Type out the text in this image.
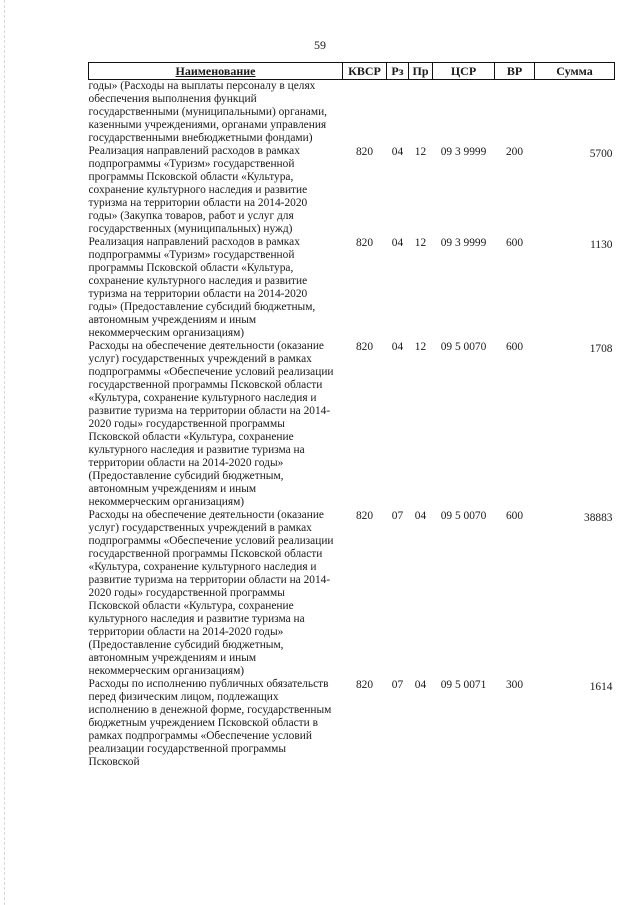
59
Наименование	КВСР	Рз	Пр	ЦСР	ВР	Сумма
годы» (Расходы на выплаты персоналу в целях обеспечения выполнения функций государственными (муниципальными) органами, казенными учреждениями, органами управления государственными внебюджетными фондами)						
Реализация направлений расходов в рамках подпрограммы «Туризм» государственной программы Псковской области «Культура, сохранение культурного наследия и развитие туризма на территории области на 2014-2020 годы» (Закупка товаров, работ и услуг для государственных (муниципальных) нужд)	820	04	12	09 3 9999	200	5700
Реализация направлений расходов в рамках подпрограммы «Туризм» государственной программы Псковской области «Культура, сохранение культурного наследия и развитие туризма на территории области на 2014-2020 годы» (Предоставление субсидий бюджетным, автономным учреждениям и иным некоммерческим организациям)	820	04	12	09 3 9999	600	1130
Расходы на обеспечение деятельности (оказание услуг) государственных учреждений в рамках подпрограммы «Обеспечение условий реализации государственной программы Псковской области «Культура, сохранение культурного наследия и развитие туризма на территории области на 2014-2020 годы» государственной программы Псковской области «Культура, сохранение культурного наследия и развитие туризма на территории области на 2014-2020 годы» (Предоставление субсидий бюджетным, автономным учреждениям и иным некоммерческим организациям)	820	04	12	09 5 0070	600	1708
Расходы на обеспечение деятельности (оказание услуг) государственных учреждений в рамках подпрограммы «Обеспечение условий реализации государственной программы Псковской области «Культура, сохранение культурного наследия и развитие туризма на территории области на 2014-2020 годы» государственной программы Псковской области «Культура, сохранение культурного наследия и развитие туризма на территории области на 2014-2020 годы» (Предоставление субсидий бюджетным, автономным учреждениям и иным некоммерческим организациям)	820	07	04	09 5 0070	600	38883
Расходы по исполнению публичных обязательств перед физическим лицом, подлежащих исполнению в денежной форме, государственным бюджетным учреждением Псковской области в рамках подпрограммы «Обеспечение условий реализации государственной программы Псковской	820	07	04	09 5 0071	300	1614
